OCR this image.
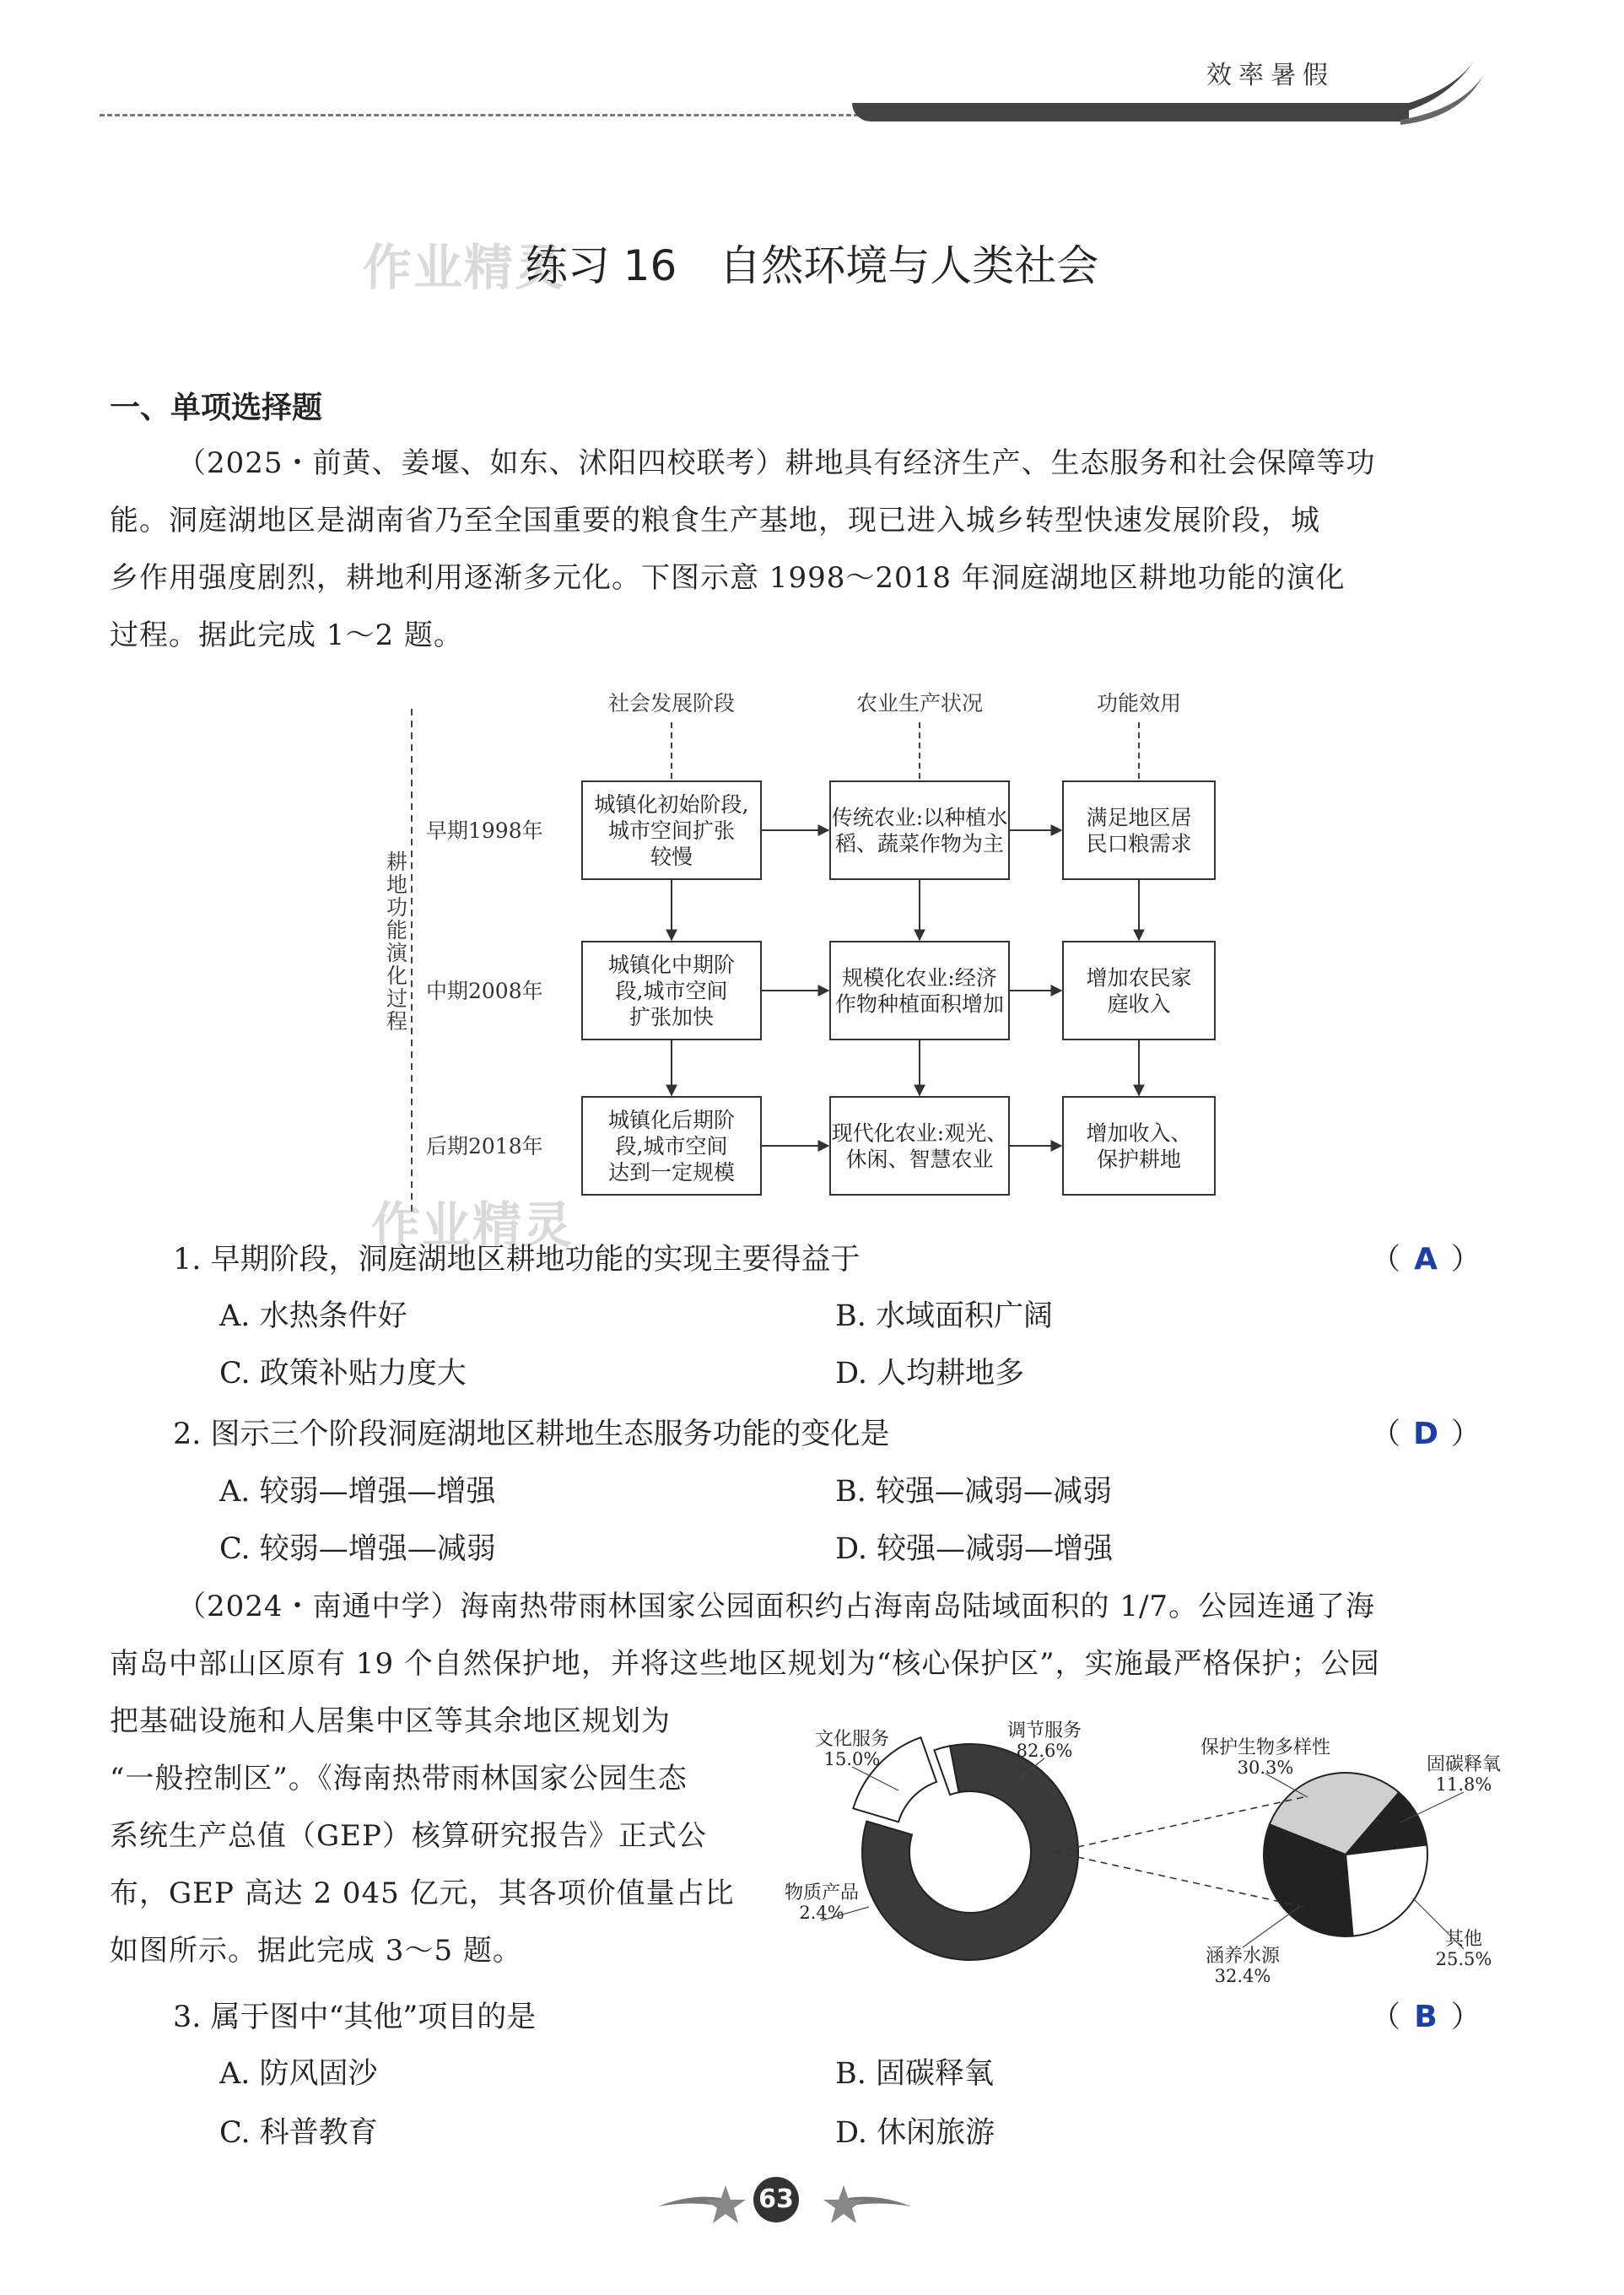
效率暑假
作业精灵
练习 16　自然环境与人类社会
一、单项选择题
（2025・前黄、姜堰、如东、沭阳四校联考）耕地具有经济生产、生态服务和社会保障等功
能。洞庭湖地区是湖南省乃至全国重要的粮食生产基地，现已进入城乡转型快速发展阶段，城
乡作用强度剧烈，耕地利用逐渐多元化。下图示意 1998～2018 年洞庭湖地区耕地功能的演化
过程。据此完成 1～2 题。
耕地功能演化过程
社会发展阶段	农业生产状况	功能效用
早期1998年
城镇化初始阶段,
城市空间扩张
较慢
传统农业:以种植水
稻、蔬菜作物为主
满足地区居
民口粮需求
中期2008年
城镇化中期阶
段,城市空间
扩张加快
规模化农业:经济
作物种植面积增加
增加农民家
庭收入
后期2018年
城镇化后期阶
段,城市空间
达到一定规模
现代化农业:观光、
休闲、智慧农业
增加收入、
保护耕地
作业精灵
1. 早期阶段，洞庭湖地区耕地功能的实现主要得益于	（ A ）
A. 水热条件好	B. 水域面积广阔
C. 政策补贴力度大	D. 人均耕地多
2. 图示三个阶段洞庭湖地区耕地生态服务功能的变化是	（ D ）
A. 较弱—增强—增强	B. 较强—减弱—减弱
C. 较弱—增强—减弱	D. 较强—减弱—增强
（2024・南通中学）海南热带雨林国家公园面积约占海南岛陆域面积的 1/7。公园连通了海
南岛中部山区原有 19 个自然保护地，并将这些地区规划为“核心保护区”，实施最严格保护；公园
把基础设施和人居集中区等其余地区规划为
“一般控制区”。《海南热带雨林国家公园生态
系统生产总值（GEP）核算研究报告》正式公
布，GEP 高达 2 045 亿元，其各项价值量占比
如图所示。据此完成 3～5 题。
调节服务
82.6%
文化服务
15.0%
物质产品
2.4%
保护生物多样性
30.3%	固碳释氧
11.8%
其他
25.5%
涵养水源
32.4%
3. 属于图中“其他”项目的是	（ B ）
A. 防风固沙	B. 固碳释氧
C. 科普教育	D. 休闲旅游
63
